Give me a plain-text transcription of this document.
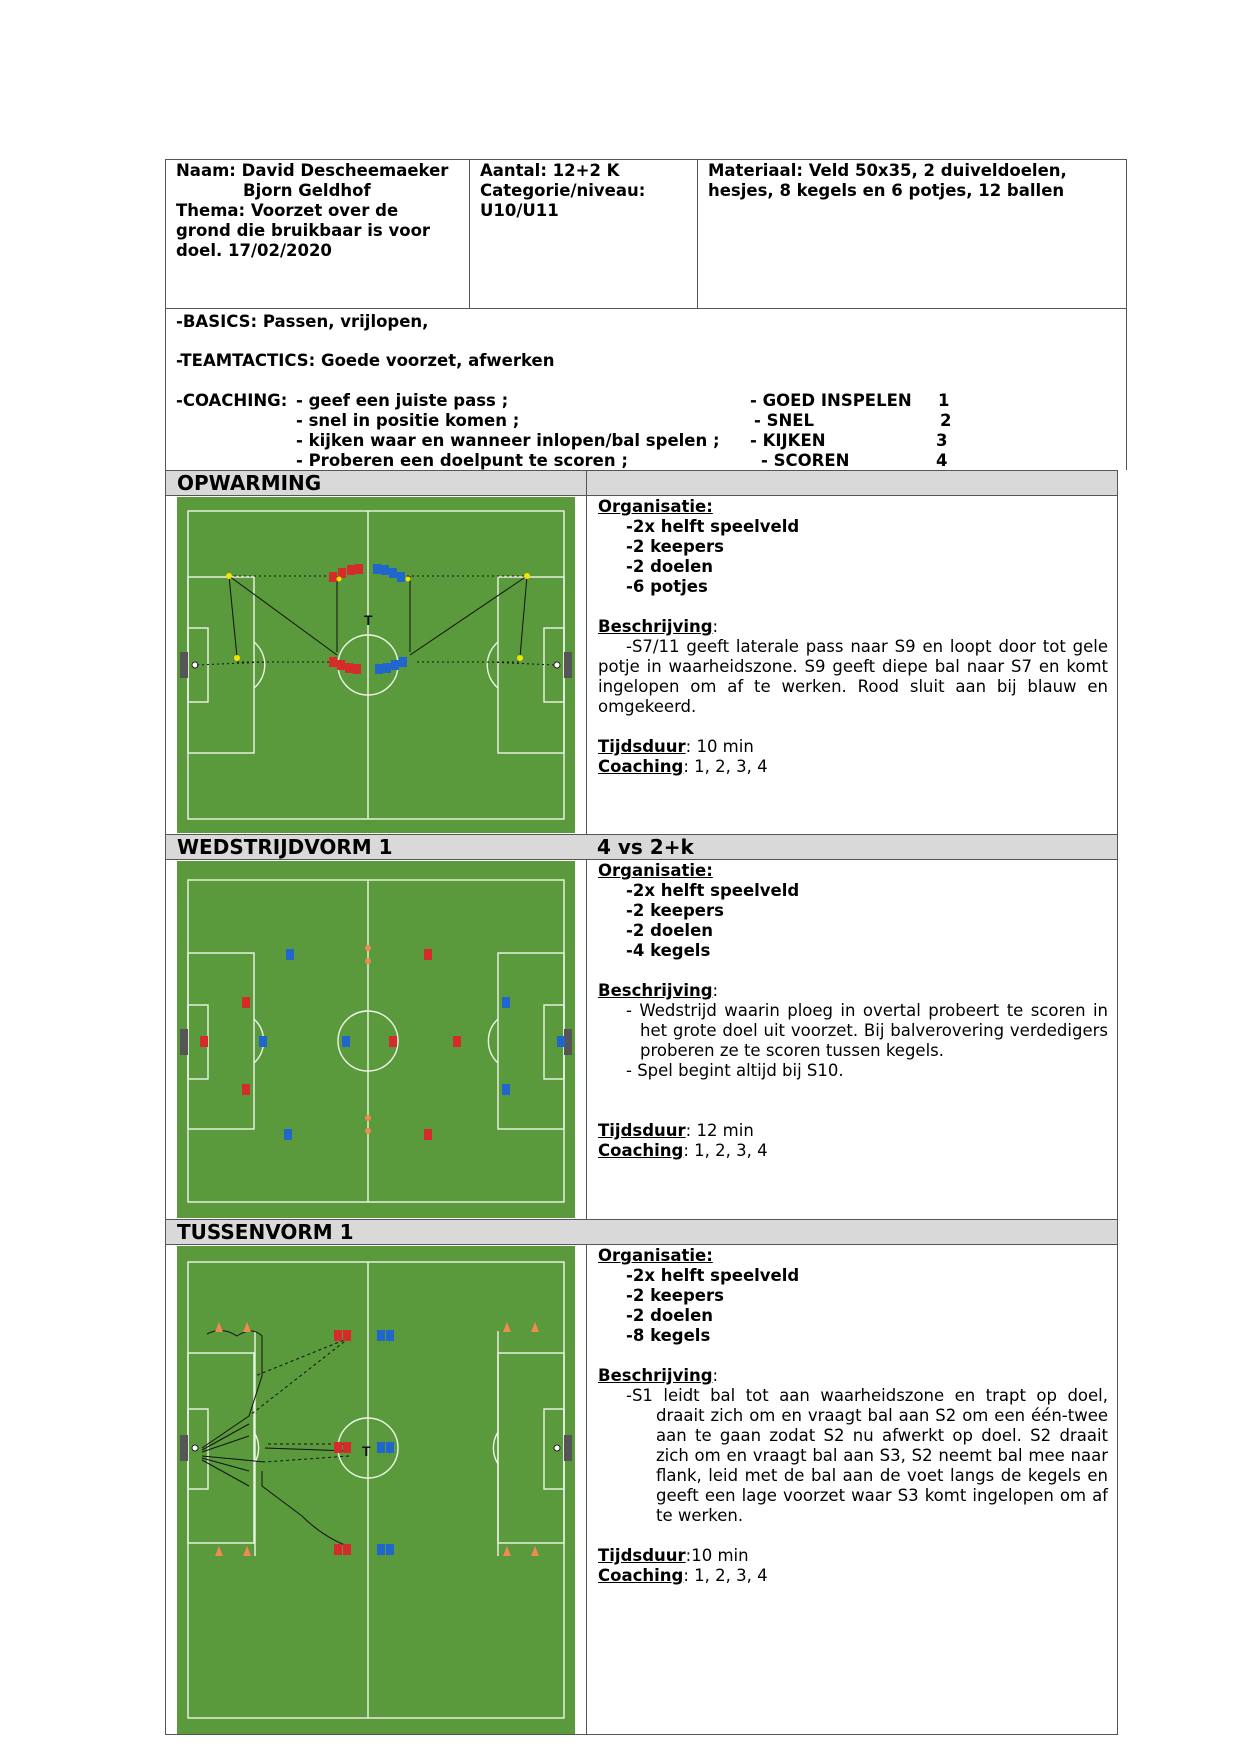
Naam: David Descheemaeker
Bjorn Geldhof
Thema: Voorzet over de
grond die bruikbaar is voor
doel. 17/02/2020
Aantal: 12+2 K
Categorie/niveau:
U10/U11
Materiaal: Veld 50x35, 2 duiveldoelen,
hesjes, 8 kegels en 6 potjes, 12 ballen
-BASICS: Passen, vrijlopen,
-TEAMTACTICS: Goede voorzet, afwerken
-COACHING: - geef een juiste pass ;
- snel in positie komen ;
- kijken waar en wanneer inlopen/bal spelen ;
- Proberen een doelpunt te scoren ;
- GOED INSPELEN
- SNEL
- KIJKEN
- SCOREN
1
2
3
4
OPWARMING
WEDSTRIJDVORM 1	4 vs 2+k
TUSSENVORM 1
T
T
Organisatie:
-2x helft speelveld
-2 keepers
-2 doelen
-6 potjes
Beschrijving:
-S7/11 geeft laterale pass naar S9 en loopt door tot gele potje in waarheidszone. S9 geeft diepe bal naar S7 en komt ingelopen om af te werken. Rood sluit aan bij blauw en omgekeerd.
Tijdsduur: 10 min
Coaching: 1, 2, 3, 4
Organisatie:
-2x helft speelveld
-2 keepers
-2 doelen
-4 kegels
Beschrijving:
- Wedstrijd waarin ploeg in overtal probeert te scoren in het grote doel uit voorzet. Bij balverovering verdedigers proberen ze te scoren tussen kegels.
- Spel begint altijd bij S10.
Tijdsduur: 12 min
Coaching: 1, 2, 3, 4
Organisatie:
-2x helft speelveld
-2 keepers
-2 doelen
-8 kegels
Beschrijving:
-S1 leidt bal tot aan waarheidszone en trapt op doel, draait zich om en vraagt bal aan S2 om een één-twee aan te gaan zodat S2 nu afwerkt op doel. S2 draait zich om en vraagt bal aan S3, S2 neemt bal mee naar flank, leid met de bal aan de voet langs de kegels en geeft een lage voorzet waar S3 komt ingelopen om af te werken.
Tijdsduur:10 min
Coaching: 1, 2, 3, 4
